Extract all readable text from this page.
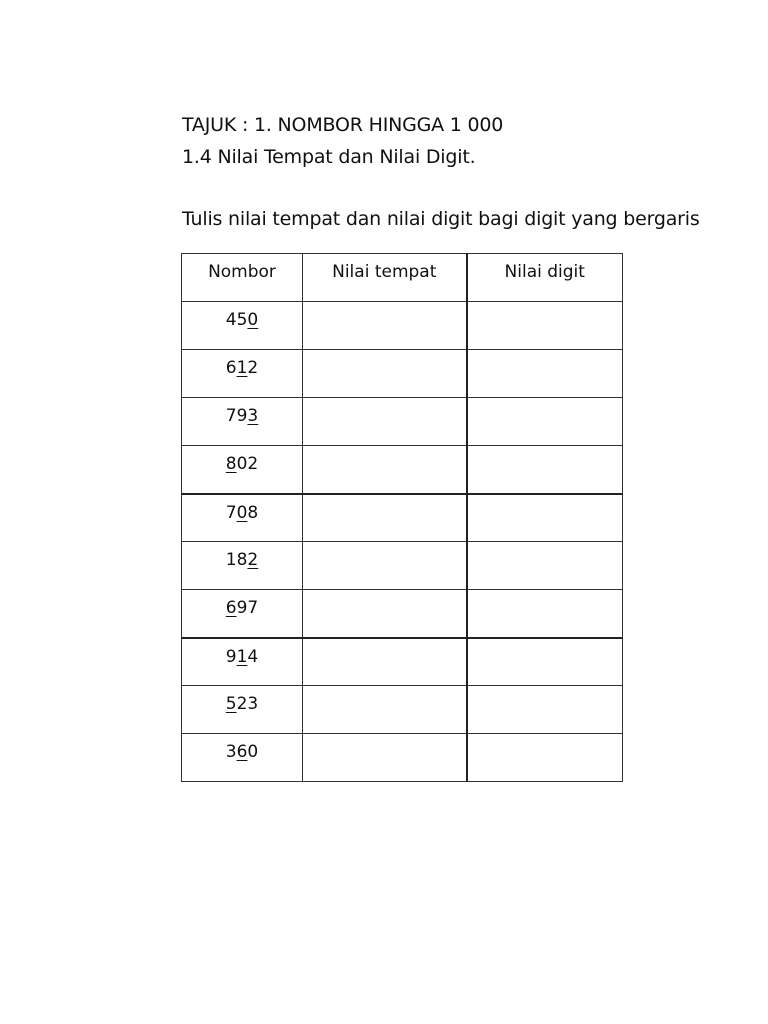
TAJUK : 1. NOMBOR HINGGA 1 000
1.4 Nilai Tempat dan Nilai Digit.
Tulis nilai tempat dan nilai digit bagi digit yang bergaris
Nombor	Nilai tempat	Nilai digit
450		
612		
793		
802		
708		
182		
697		
914		
523		
360		
